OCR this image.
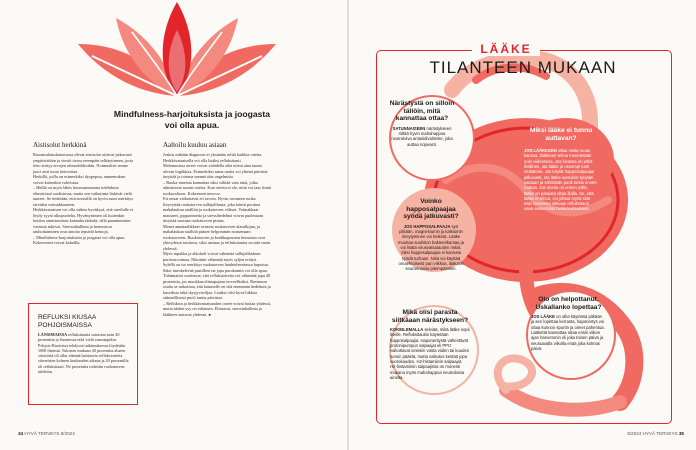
Mindfulness-harjoituksista ja joogasta voi olla apua.
Aistisolut herkkinä

Ruoansulatuskanavassa olevat aistisolut aistivat jatkuvasti ympäristöään ja viestit tietoa eteenpäin selkäytimeen, josta tieto siirtyy aivojen ohimolohkoihin. Normaalisti emme juuri aisti tuota tietovirtaa.

Herkillä, joilla on esimerkiksi dyspepsia, tunnemukset voivat kuitenkin vahvistua.

– Heillä on myös lähes huomaamatonta tulehdusta elimistössä suolistossa, mutta sen vaikutusta lisäävät vielä tunteet. Se tiedetään, että stressillä on hyvin suuri merkitys oireiden voimakkuuteen.

Herkkävatsaisen voi olla vaikea hyväksyä, että oireilulle ei löydy syytä ulkopuolelta. Hyvänyrtimen oli kuitenkin hoidon onnistumisen kannalta tärkeää, sillä parantumisen vastusta tukevat. Stressinhallinta ja hermoston rauhoittaminen ovat ainoita tepsiviä keinoja.

– Mindfulness-harjoituksista ja joogasta voi olla apua. Kokeeseeni voivat kokeilla.

Aaltoilu kuuluu asiaan

Joskus mikään diagnoosi ei yksinään selitä kaikkia oireita. Herkkävatsaisella voi olla lisäksi refluksitauti.

Molemmissa oireet voivat vaihdella eikä niissä aina tunnu olevan logiikkaa. Esimerkiksi sama ruoka voi yhtenä päivänä ärsyttää ja toisena mennä alas ongelmitta.

– Ruoka-aineista kannattaa siksi välttää vain niitä, jotka aiheuttavat suurin oireita. Kun oireita ei ole, niitä voi taas lisätä ruokavalioon. Kokeeseen neuvoo.

Eri neuat vaikuttavat eri tavoin. Hyvin ravaneen ruoka liityvyttää ruokatorven sulkijalihasta, joka toimii porttina mahalaukun sisällön ja ruokatorven välissä. Voimakkaat mausteet, pippurimetta ja stressihedelmä voivat puolestaan ärsyttää suoraan ruokatorven pintaa.

Monet annataalikkeet avaavat ruokatorven alasulkijan, ja mahalaukun sisältöä pääsee helpommin nousemaan ruokatorveen. Ruokatorven ja keuhkopussien hermosta ovat yhteydessä toisiinsa, siksi astmaa ja refluksitautia on niin usein yhdessä.

Myös tupakka ja alkoholi voivat vähentää salkijalihaksen puristusvoimaa. Nikotiini vähentää myös syljen erittyä.

Sylellä on iso merkitys ruokatorven huuhtelemisessa hapoista. Siksi imeskelevää pastillien tai jopa purukumin voi olla apua.

Tuhtimaiset osoittavat, että refluksioireita voi vähentää jopa 40 prosenttia, jos muokkaa elintapojaan terveellisiksi. Ravinnon osalta se tarkoittaa, että lautaselle on sitä enemmän hedelmiä ja kasviksia sekä täysjyväviljaa. Lisäksi olisi hyvä liikkua säännöllisesti puoli tuntia päivässä.

– Refluksin ja herkkävatsaisuuden oireet voivat hoitaa yhdessä, mutta niiden syy on erilainen. Elintavat, stressinhallinta ja lääkkeet auttavat yhdessä. ●

REFLUKSI KIUSAA POHJOISMAISSA

LÄNSIMAISSA refluksitautia sairastaa noin 20 prosenttia ja Suomessa eikä vielä vaarompikin. Pohjois-Ruotsissa tehdyssä tutkimuksessa löydettiin 1000 ihmistä. Tulosten mukaan 40 prosenttia alueen väestöstä oli ollut elämää haittaavia refluksioireita viimeisten kolmen kuukauden aikana ja 20 prosentilla oli refluksitauti. Ne prosenttia todettiin ruokatorven tulehdus.

34 HYVÄ TERVEYS 8/2024
LÄÄKE
TILANTEEN MUKAAN
Närästystä on silloin tällöin, mitä kannattaa ottaa?
SATUNNAISEEN närästykseen riittää hyvin mahahappoa neutraloiva antasidivalmiste, joka auttaa nopeasti.
Miksi lääke ei tunnu auttavan?
JOS LÄÄKKEEN ottaa vasta ruoan kanssa, lääkkeen tehoa menetetään noin viidessosa. Jos kivassa on pitkä ihallinen, ota lääke jo useampi tunti etukäteen. Jos käytät happosalpaajaa jatkuvasti, ota lääke aamuisin tyhjään vatsaan ja vähintään puoli tuntia ennen ruokaa. Jos oireita on ennen yöllä, lääke on paraista ottaa illalla. Se, että lääke ei tehoa, voi johtua myös siitä ettei kyseessä olekaan refluksitauti vaan esimerkiksi herkkävatsaisuus.
Voinko happosalpaajaa syödä jatkuvasti?
JOS HAPPOSALPAAJA syö pitkään, magnesiumin ja kalsiumin imeytyminen voi heiketä. Lääke muuttaa suoliston bakteerikantaa ja voi lisätä virusvatsatautien riskiä. Siksi happosalpaajaa ei kannata syödä turhaan. Niitä voi käyttää omaehtoisesti pari viikkoa, lääkärin seurannassa pitempäänkin.
Olo on helpottanut. Uskallanko lopettaa?
JOS LÄÄKE on ollut käytössä pitkään ja sen lopettaa kerrasta, haponertys voi ottaa kunnon spurtin ja oireet pahentua. Lääkettä kannattaa ottaa ensin viikon ajan harvemmin eli joka toinen päivä ja seuraavalla viikolla enää joka kolmas päivä.
Mikä olisi parasta siitkäaan närästykseen?
KOKEILEMALLA selviää, mikä lääke sopii itselle. Refluksitautiin käytetään happosalpaajia. Haponeritystä vähentävät protonipumpun salpaajat eli PPI:t vaikuttavat oireisiin vasta viiden tai kuuden tunnin päästä, mutta vaikutus kestää jopa vuorokauden. H2-histamiinin salpaajat. H2-histamiinin salpaajissa on monesti mukana myös mahahappoa neutraloivia aineita.
8/2024 HYVÄ TERVEYS 35
